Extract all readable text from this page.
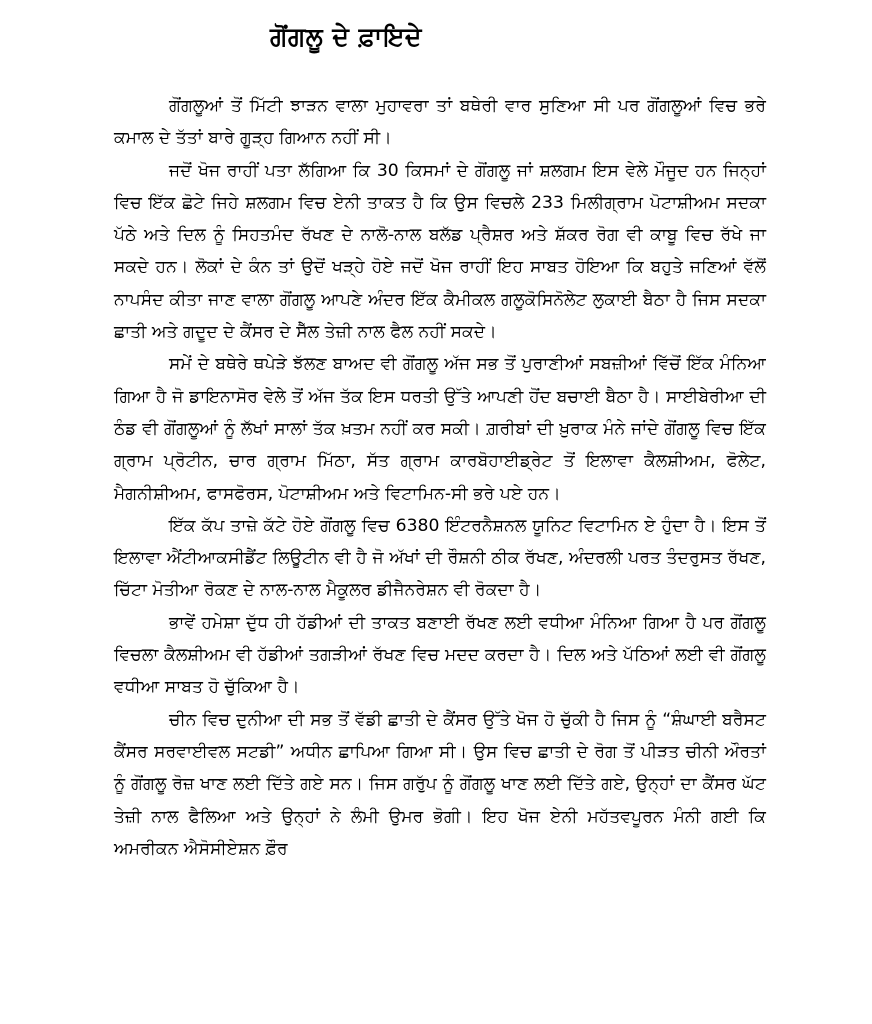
ਗੋਂਗਲੂ ਦੇ ਫ਼ਾਇਦੇ

ਗੋਂਗਲੂਆਂ ਤੋਂ ਮਿੱਟੀ ਝਾੜਨ ਵਾਲਾ ਮੁਹਾਵਰਾ ਤਾਂ ਬਥੇਰੀ ਵਾਰ ਸੁਣਿਆ ਸੀ ਪਰ ਗੋਂਗਲੂਆਂ ਵਿਚ ਭਰੇ ਕਮਾਲ ਦੇ ਤੱਤਾਂ ਬਾਰੇ ਗੂੜ੍ਹ ਗਿਆਨ ਨਹੀਂ ਸੀ।

ਜਦੋਂ ਖੋਜ ਰਾਹੀਂ ਪਤਾ ਲੱਗਿਆ ਕਿ 30 ਕਿਸਮਾਂ ਦੇ ਗੋਂਗਲੂ ਜਾਂ ਸ਼ਲਗਮ ਇਸ ਵੇਲੇ ਮੌਜੂਦ ਹਨ ਜਿਨ੍ਹਾਂ ਵਿਚ ਇੱਕ ਛੋਟੇ ਜਿਹੇ ਸ਼ਲਗਮ ਵਿਚ ਏਨੀ ਤਾਕਤ ਹੈ ਕਿ ਉਸ ਵਿਚਲੇ 233 ਮਿਲੀਗ੍ਰਾਮ ਪੋਟਾਸ਼ੀਅਮ ਸਦਕਾ ਪੱਠੇ ਅਤੇ ਦਿਲ ਨੂੰ ਸਿਹਤਮੰਦ ਰੱਖਣ ਦੇ ਨਾਲੋ-ਨਾਲ ਬਲੱਡ ਪ੍ਰੈਸ਼ਰ ਅਤੇ ਸ਼ੱਕਰ ਰੋਗ ਵੀ ਕਾਬੂ ਵਿਚ ਰੱਖੇ ਜਾ ਸਕਦੇ ਹਨ। ਲੋਕਾਂ ਦੇ ਕੰਨ ਤਾਂ ਉਦੋਂ ਖੜ੍ਹੇ ਹੋਏ ਜਦੋਂ ਖੋਜ ਰਾਹੀਂ ਇਹ ਸਾਬਤ ਹੋਇਆ ਕਿ ਬਹੁਤੇ ਜਣਿਆਂ ਵੱਲੋਂ ਨਾਪਸੰਦ ਕੀਤਾ ਜਾਣ ਵਾਲਾ ਗੋਂਗਲੂ ਆਪਣੇ ਅੰਦਰ ਇੱਕ ਕੈਮੀਕਲ ਗਲੂਕੋਸਿਨੋਲੇਟ ਲੁਕਾਈ ਬੈਠਾ ਹੈ ਜਿਸ ਸਦਕਾ ਛਾਤੀ ਅਤੇ ਗਦੂਦ ਦੇ ਕੈਂਸਰ ਦੇ ਸੈੱਲ ਤੇਜ਼ੀ ਨਾਲ ਫੈਲ ਨਹੀਂ ਸਕਦੇ।

ਸਮੇਂ ਦੇ ਬਥੇਰੇ ਥਪੇੜੇ ਝੱਲਣ ਬਾਅਦ ਵੀ ਗੋਂਗਲੂ ਅੱਜ ਸਭ ਤੋਂ ਪੁਰਾਣੀਆਂ ਸਬਜ਼ੀਆਂ ਵਿੱਚੋਂ ਇੱਕ ਮੰਨਿਆ ਗਿਆ ਹੈ ਜੋ ਡਾਇਨਾਸੋਰ ਵੇਲੇ ਤੋਂ ਅੱਜ ਤੱਕ ਇਸ ਧਰਤੀ ਉੱਤੇ ਆਪਣੀ ਹੋਂਦ ਬਚਾਈ ਬੈਠਾ ਹੈ। ਸਾਈਬੇਰੀਆ ਦੀ ਠੰਡ ਵੀ ਗੋਂਗਲੂਆਂ ਨੂੰ ਲੱਖਾਂ ਸਾਲਾਂ ਤੱਕ ਖ਼ਤਮ ਨਹੀਂ ਕਰ ਸਕੀ। ਗ਼ਰੀਬਾਂ ਦੀ ਖ਼ੁਰਾਕ ਮੰਨੇ ਜਾਂਦੇ ਗੋਂਗਲੂ ਵਿਚ ਇੱਕ ਗ੍ਰਾਮ ਪ੍ਰੋਟੀਨ, ਚਾਰ ਗ੍ਰਾਮ ਮਿੱਠਾ, ਸੱਤ ਗ੍ਰਾਮ ਕਾਰਬੋਹਾਈਡ੍ਰੇਟ ਤੋਂ ਇਲਾਵਾ ਕੈਲਸ਼ੀਅਮ, ਫੋਲੇਟ, ਮੈਗਨੀਸ਼ੀਅਮ, ਫਾਸਫੋਰਸ, ਪੋਟਾਸ਼ੀਅਮ ਅਤੇ ਵਿਟਾਮਿਨ-ਸੀ ਭਰੇ ਪਏ ਹਨ।

ਇੱਕ ਕੱਪ ਤਾਜ਼ੇ ਕੱਟੇ ਹੋਏ ਗੋਂਗਲੂ ਵਿਚ 6380 ਇੰਟਰਨੈਸ਼ਨਲ ਯੂਨਿਟ ਵਿਟਾਮਿਨ ਏ ਹੁੰਦਾ ਹੈ। ਇਸ ਤੋਂ ਇਲਾਵਾ ਐਂਟੀਆਕਸੀਡੈਂਟ ਲਿਊਟੀਨ ਵੀ ਹੈ ਜੋ ਅੱਖਾਂ ਦੀ ਰੌਸ਼ਨੀ ਠੀਕ ਰੱਖਣ, ਅੰਦਰਲੀ ਪਰਤ ਤੰਦਰੁਸਤ ਰੱਖਣ, ਚਿੱਟਾ ਮੋਤੀਆ ਰੋਕਣ ਦੇ ਨਾਲ-ਨਾਲ ਮੈਕੂਲਰ ਡੀਜੈਨਰੇਸ਼ਨ ਵੀ ਰੋਕਦਾ ਹੈ।

ਭਾਵੇਂ ਹਮੇਸ਼ਾ ਦੁੱਧ ਹੀ ਹੱਡੀਆਂ ਦੀ ਤਾਕਤ ਬਣਾਈ ਰੱਖਣ ਲਈ ਵਧੀਆ ਮੰਨਿਆ ਗਿਆ ਹੈ ਪਰ ਗੋਂਗਲੂ ਵਿਚਲਾ ਕੈਲਸ਼ੀਅਮ ਵੀ ਹੱਡੀਆਂ ਤਗੜੀਆਂ ਰੱਖਣ ਵਿਚ ਮਦਦ ਕਰਦਾ ਹੈ। ਦਿਲ ਅਤੇ ਪੱਠਿਆਂ ਲਈ ਵੀ ਗੋਂਗਲੂ ਵਧੀਆ ਸਾਬਤ ਹੋ ਚੁੱਕਿਆ ਹੈ।

ਚੀਨ ਵਿਚ ਦੁਨੀਆ ਦੀ ਸਭ ਤੋਂ ਵੱਡੀ ਛਾਤੀ ਦੇ ਕੈਂਸਰ ਉੱਤੇ ਖੋਜ ਹੋ ਚੁੱਕੀ ਹੈ ਜਿਸ ਨੂੰ “ਸ਼ੰਘਾਈ ਬਰੈਸਟ ਕੈਂਸਰ ਸਰਵਾਈਵਲ ਸਟਡੀ” ਅਧੀਨ ਛਾਪਿਆ ਗਿਆ ਸੀ। ਉਸ ਵਿਚ ਛਾਤੀ ਦੇ ਰੋਗ ਤੋਂ ਪੀੜਤ ਚੀਨੀ ਔਰਤਾਂ ਨੂੰ ਗੋਂਗਲੂ ਰੋਜ਼ ਖਾਣ ਲਈ ਦਿੱਤੇ ਗਏ ਸਨ। ਜਿਸ ਗਰੁੱਪ ਨੂੰ ਗੋਂਗਲੂ ਖਾਣ ਲਈ ਦਿੱਤੇ ਗਏ, ਉਨ੍ਹਾਂ ਦਾ ਕੈਂਸਰ ਘੱਟ ਤੇਜ਼ੀ ਨਾਲ ਫੈਲਿਆ ਅਤੇ ਉਨ੍ਹਾਂ ਨੇ ਲੰਮੀ ਉਮਰ ਭੋਗੀ। ਇਹ ਖੋਜ ਏਨੀ ਮਹੱਤਵਪੂਰਨ ਮੰਨੀ ਗਈ ਕਿ ਅਮਰੀਕਨ ਐਸੋਸੀਏਸ਼ਨ ਫ਼ੌਰ
